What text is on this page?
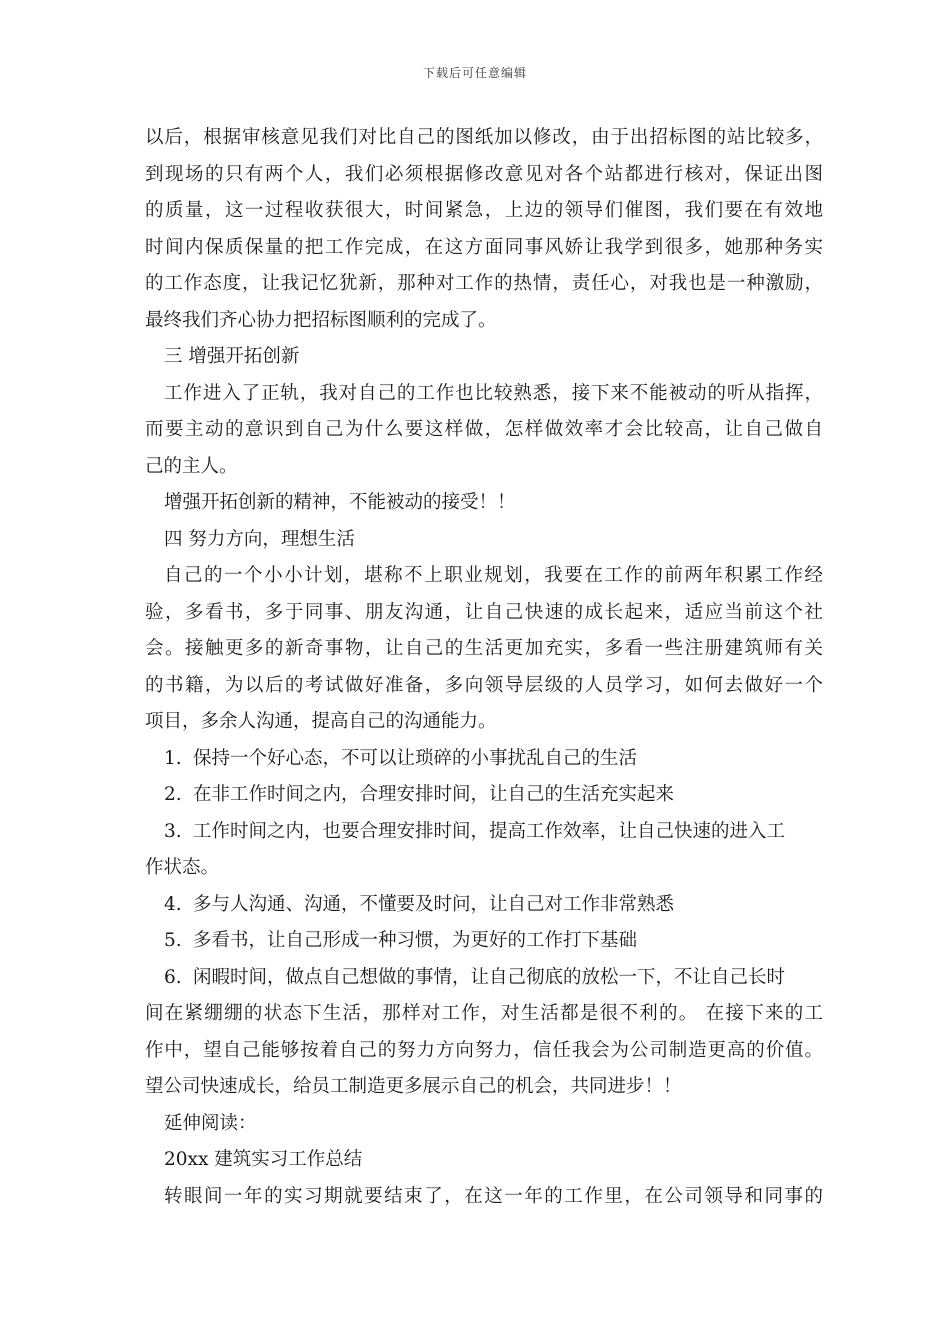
下载后可任意编辑
以后，根据审核意见我们对比自己的图纸加以修改，由于出招标图的站比较多，
到现场的只有两个人，我们必须根据修改意见对各个站都进行核对，保证出图
的质量，这一过程收获很大，时间紧急，上边的领导们催图，我们要在有效地
时间内保质保量的把工作完成，在这方面同事风娇让我学到很多，她那种务实
的工作态度，让我记忆犹新，那种对工作的热情，责任心，对我也是一种激励，
最终我们齐心协力把招标图顺利的完成了。
三 增强开拓创新
工作进入了正轨，我对自己的工作也比较熟悉，接下来不能被动的听从指挥，
而要主动的意识到自己为什么要这样做，怎样做效率才会比较高，让自己做自
己的主人。
增强开拓创新的精神，不能被动的接受！！
四 努力方向，理想生活
自己的一个小小计划，堪称不上职业规划，我要在工作的前两年积累工作经
验，多看书，多于同事、朋友沟通，让自己快速的成长起来，适应当前这个社
会。接触更多的新奇事物，让自己的生活更加充实，多看一些注册建筑师有关
的书籍，为以后的考试做好准备，多向领导层级的人员学习，如何去做好一个
项目，多余人沟通，提高自己的沟通能力。
1. 保持一个好心态，不可以让琐碎的小事扰乱自己的生活
2. 在非工作时间之内，合理安排时间，让自己的生活充实起来
3. 工作时间之内，也要合理安排时间，提高工作效率，让自己快速的进入工
作状态。
4. 多与人沟通、沟通，不懂要及时问，让自己对工作非常熟悉
5. 多看书，让自己形成一种习惯，为更好的工作打下基础
6. 闲暇时间，做点自己想做的事情，让自己彻底的放松一下，不让自己长时
间在紧绷绷的状态下生活，那样对工作，对生活都是很不利的。 在接下来的工
作中，望自己能够按着自己的努力方向努力，信任我会为公司制造更高的价值。
望公司快速成长，给员工制造更多展示自己的机会，共同进步！！
延伸阅读：
20xx 建筑实习工作总结
转眼间一年的实习期就要结束了，在这一年的工作里，在公司领导和同事的
